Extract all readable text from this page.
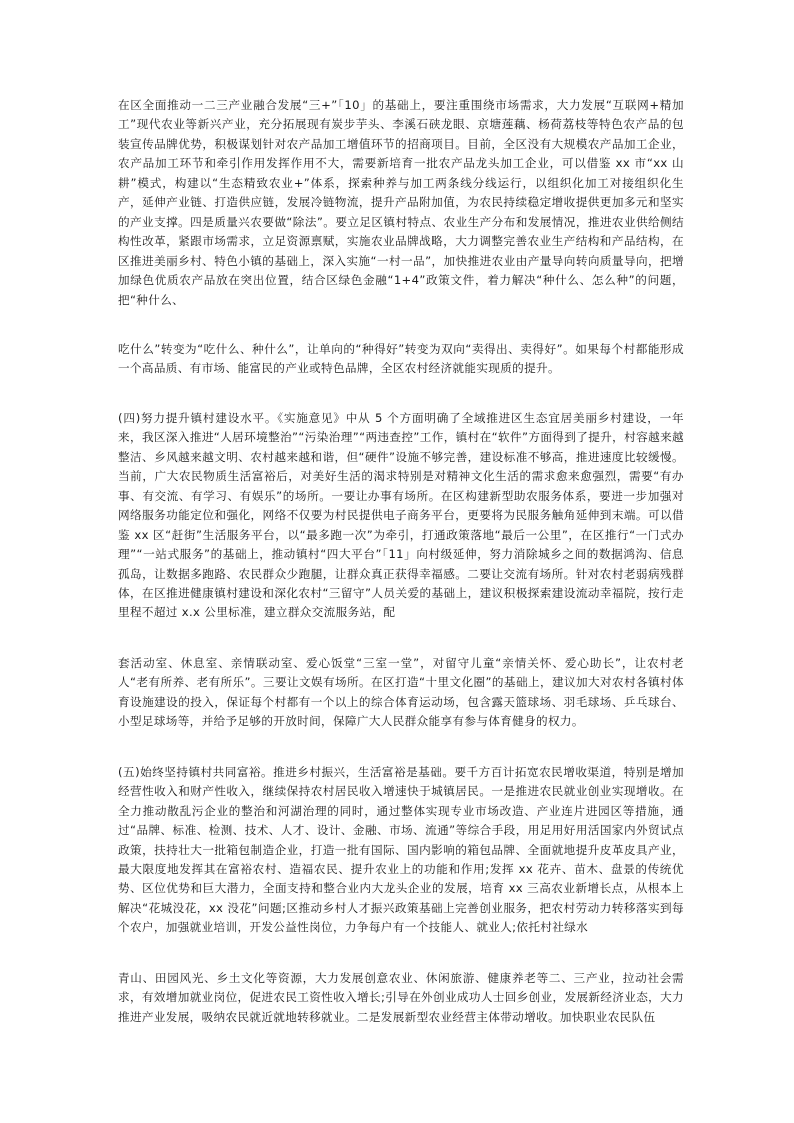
在区全面推动一二三产业融合发展“三+”「10」的基础上，要注重围绕市场需求，大力发展“互联网+精加工”现代农业等新兴产业，充分拓展现有炭步芋头、李溪石硖龙眼、京塘莲藕、杨荷荔枝等特色农产品的包装宣传品牌优势，积极谋划针对农产品加工增值环节的招商项目。目前，全区没有大规模农产品加工企业，农产品加工环节和牵引作用发挥作用不大，需要新培育一批农产品龙头加工企业，可以借鉴 xx 市“xx 山耕”模式，构建以“生态精致农业+”体系，探索种养与加工两条线分线运行，以组织化加工对接组织化生产，延伸产业链、打造供应链，发展冷链物流，提升产品附加值，为农民持续稳定增收提供更加多元和坚实的产业支撑。四是质量兴农要做“除法”。要立足区镇村特点、农业生产分布和发展情况，推进农业供给侧结构性改革，紧跟市场需求，立足资源禀赋，实施农业品牌战略，大力调整完善农业生产结构和产品结构，在区推进美丽乡村、特色小镇的基础上，深入实施“一村一品”，加快推进农业由产量导向转向质量导向，把增加绿色优质农产品放在突出位置，结合区绿色金融“1+4”政策文件，着力解决“种什么、怎么种”的问题，把“种什么、

吃什么”转变为“吃什么、种什么”，让单向的“种得好”转变为双向“卖得出、卖得好”。如果每个村都能形成一个高品质、有市场、能富民的产业或特色品牌，全区农村经济就能实现质的提升。

(四)努力提升镇村建设水平。《实施意见》中从 5 个方面明确了全域推进区生态宜居美丽乡村建设，一年来，我区深入推进“人居环境整治”“污染治理”“两违查控”工作，镇村在“软件”方面得到了提升，村容越来越整洁、乡风越来越文明、农村越来越和谐，但“硬件”设施不够完善，建设标准不够高，推进速度比较缓慢。当前，广大农民物质生活富裕后，对美好生活的渴求特别是对精神文化生活的需求愈来愈强烈，需要“有办事、有交流、有学习、有娱乐”的场所。一要让办事有场所。在区构建新型助农服务体系，要进一步加强对网络服务功能定位和强化，网络不仅要为村民提供电子商务平台，更要将为民服务触角延伸到末端。可以借鉴 xx 区“赶街”生活服务平台，以“最多跑一次”为牵引，打通政策落地“最后一公里”，在区推行“一门式办理”“一站式服务”的基础上，推动镇村“四大平台”「11」向村级延伸，努力消除城乡之间的数据鸿沟、信息孤岛，让数据多跑路、农民群众少跑腿，让群众真正获得幸福感。二要让交流有场所。针对农村老弱病残群体，在区推进健康镇村建设和深化农村“三留守”人员关爱的基础上，建议积极探索建设流动幸福院，按行走里程不超过 x.x 公里标准，建立群众交流服务站，配

套活动室、休息室、亲情联动室、爱心饭堂“三室一堂”，对留守儿童“亲情关怀、爱心助长”，让农村老人“老有所养、老有所乐”。三要让文娱有场所。在区打造“十里文化圈”的基础上，建议加大对农村各镇村体育设施建设的投入，保证每个村都有一个以上的综合体育运动场，包含露天篮球场、羽毛球场、乒乓球台、小型足球场等，并给予足够的开放时间，保障广大人民群众能享有参与体育健身的权力。

(五)始终坚持镇村共同富裕。推进乡村振兴，生活富裕是基础。要千方百计拓宽农民增收渠道，特别是增加经营性收入和财产性收入，继续保持农村居民收入增速快于城镇居民。一是推进农民就业创业实现增收。在全力推动散乱污企业的整治和河湖治理的同时，通过整体实现专业市场改造、产业连片进园区等措施，通过“品牌、标准、检测、技术、人才、设计、金融、市场、流通”等综合手段，用足用好用活国家内外贸试点政策，扶持壮大一批箱包制造企业，打造一批有国际、国内影响的箱包品牌、全面就地提升皮革皮具产业，最大限度地发挥其在富裕农村、造福农民、提升农业上的功能和作用;发挥 xx 花卉、苗木、盘景的传统优势、区位优势和巨大潜力，全面支持和整合业内大龙头企业的发展，培育 xx 三高农业新增长点，从根本上解决“花城没花，xx 没花”问题;区推动乡村人才振兴政策基础上完善创业服务，把农村劳动力转移落实到每个农户，加强就业培训，开发公益性岗位，力争每户有一个技能人、就业人;依托村社绿水

青山、田园风光、乡土文化等资源，大力发展创意农业、休闲旅游、健康养老等二、三产业，拉动社会需求，有效增加就业岗位，促进农民工资性收入增长;引导在外创业成功人士回乡创业，发展新经济业态，大力推进产业发展，吸纳农民就近就地转移就业。二是发展新型农业经营主体带动增收。加快职业农民队伍
